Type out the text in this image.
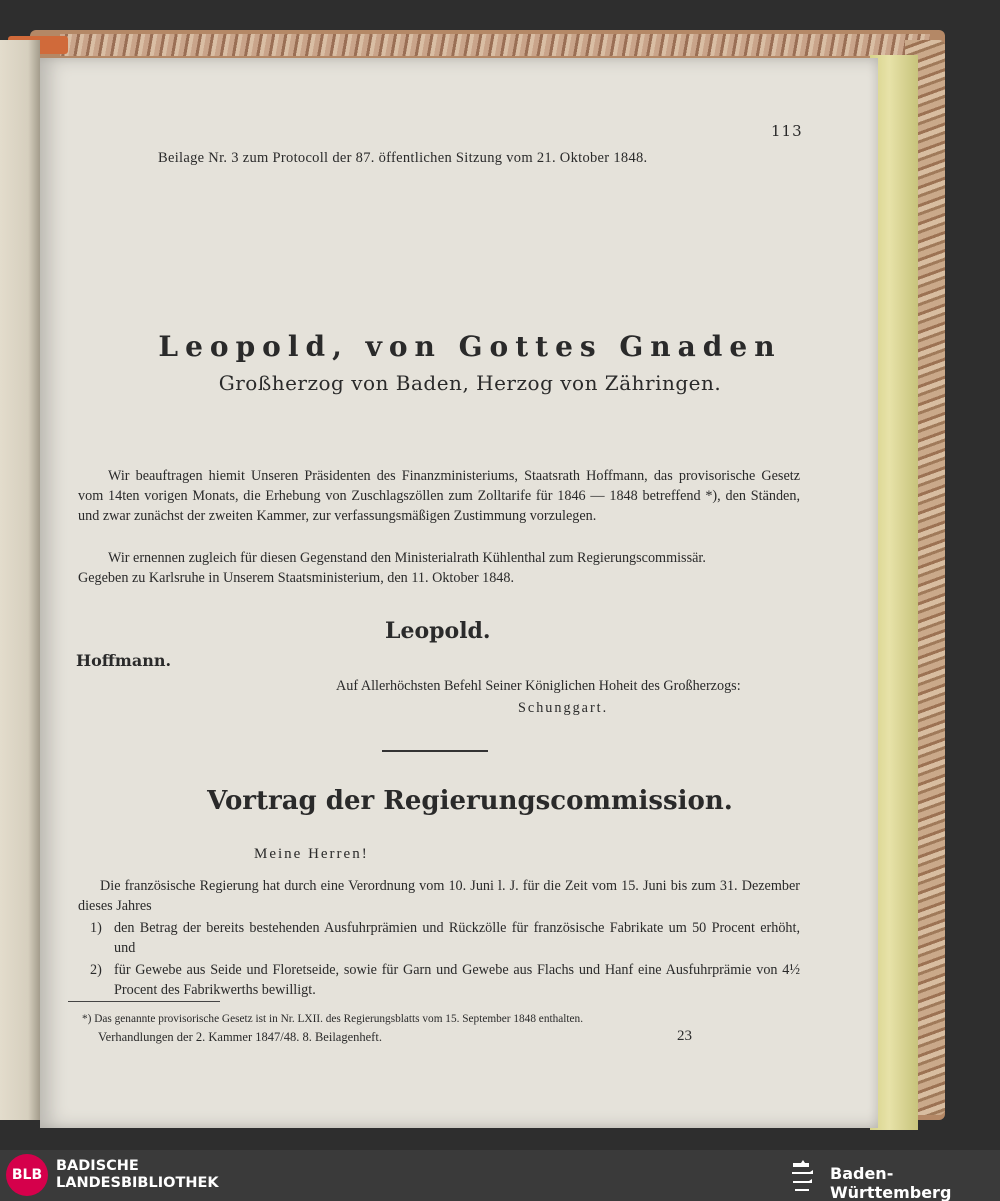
113
Beilage Nr. 3 zum Protocoll der 87. öffentlichen Sitzung vom 21. Oktober 1848.
Leopold, von Gottes Gnaden
Großherzog von Baden, Herzog von Zähringen.
Wir beauftragen hiemit Unseren Präsidenten des Finanzministeriums, Staatsrath Hoffmann, das provisorische Gesetz vom 14ten vorigen Monats, die Erhebung von Zuschlagszöllen zum Zolltarife für 1846 — 1848 betreffend *), den Ständen, und zwar zunächst der zweiten Kammer, zur verfassungsmäßigen Zustimmung vorzulegen.
Wir ernennen zugleich für diesen Gegenstand den Ministerialrath Kühlenthal zum Regierungscommissär.
Gegeben zu Karlsruhe in Unserem Staatsministerium, den 11. Oktober 1848.
Leopold.
Hoffmann.
Auf Allerhöchsten Befehl Seiner Königlichen Hoheit des Großherzogs:
Schunggart.
Vortrag der Regierungscommission.
Meine Herren!
Die französische Regierung hat durch eine Verordnung vom 10. Juni l. J. für die Zeit vom 15. Juni bis zum 31. Dezember dieses Jahres
1) den Betrag der bereits bestehenden Ausfuhrprämien und Rückzölle für französische Fabrikate um 50 Procent erhöht, und
2) für Gewebe aus Seide und Floretseide, sowie für Garn und Gewebe aus Flachs und Hanf eine Ausfuhrprämie von 4½ Procent des Fabrikwerths bewilligt.
*) Das genannte provisorische Gesetz ist in Nr. LXII. des Regierungsblatts vom 15. September 1848 enthalten.
Verhandlungen der 2. Kammer 1847/48. 8. Beilagenheft.	23
BLB
BADISCHE
LANDESBIBLIOTHEK	Baden-Württemberg
